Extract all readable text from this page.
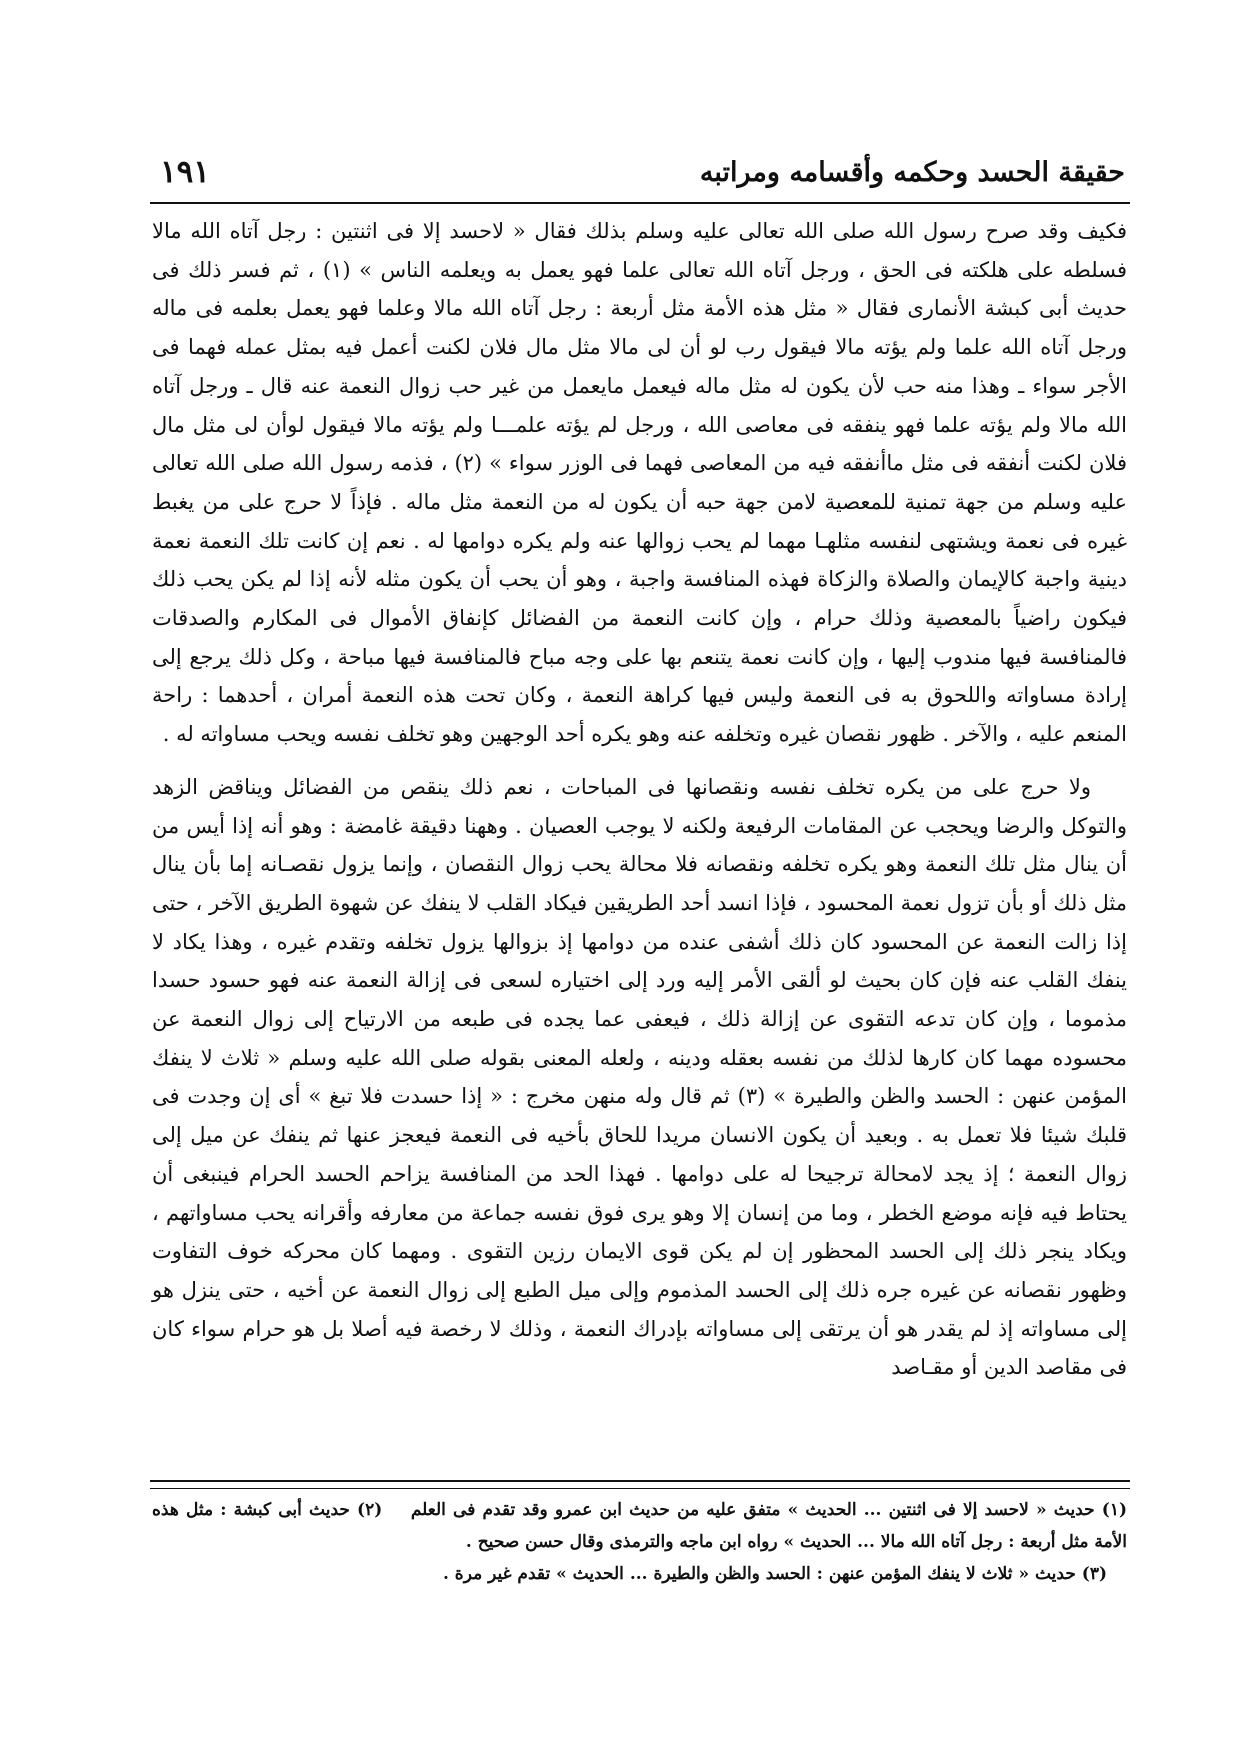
حقيقة الحسد وحكمه وأقسامه ومراتبه
١٩١

فكيف وقد صرح رسول الله صلى الله تعالى عليه وسلم بذلك فقال « لاحسد إلا فى اثنتين : رجل آتاه الله مالا فسلطه على هلكته فى الحق ، ورجل آتاه الله تعالى علما فهو يعمل به ويعلمه الناس » (١) ، ثم فسر ذلك فى حديث أبى كبشة الأنمارى فقال « مثل هذه الأمة مثل أربعة : رجل آتاه الله مالا وعلما فهو يعمل بعلمه فى ماله ورجل آتاه الله علما ولم يؤته مالا فيقول رب لو أن لى مالا مثل مال فلان لكنت أعمل فيه بمثل عمله فهما فى الأجر سواء ـ وهذا منه حب لأن يكون له مثل ماله فيعمل مايعمل من غير حب زوال النعمة عنه قال ـ ورجل آتاه الله مالا ولم يؤته علما فهو ينفقه فى معاصى الله ، ورجل لم يؤته علمـــا ولم يؤته مالا فيقول لوأن لى مثل مال فلان لكنت أنفقه فى مثل ماأنفقه فيه من المعاصى فهما فى الوزر سواء » (٢) ، فذمه رسول الله صلى الله تعالى عليه وسلم من جهة تمنية للمعصية لامن جهة حبه أن يكون له من النعمة مثل ماله . فإذاً لا حرج على من يغبط غيره فى نعمة ويشتهى لنفسه مثلهـا مهما لم يحب زوالها عنه ولم يكره دوامها له . نعم إن كانت تلك النعمة نعمة دينية واجبة كالإيمان والصلاة والزكاة فهذه المنافسة واجبة ، وهو أن يحب أن يكون مثله لأنه إذا لم يكن يحب ذلك فيكون راضياً بالمعصية وذلك حرام ، وإن كانت النعمة من الفضائل كإنفاق الأموال فى المكارم والصدقات فالمنافسة فيها مندوب إليها ، وإن كانت نعمة يتنعم بها على وجه مباح فالمنافسة فيها مباحة ، وكل ذلك يرجع إلى إرادة مساواته واللحوق به فى النعمة وليس فيها كراهة النعمة ، وكان تحت هذه النعمة أمران ، أحدهما : راحة المنعم عليه ، والآخر . ظهور نقصان غيره وتخلفه عنه وهو يكره أحد الوجهين وهو تخلف نفسه ويحب مساواته له .

ولا حرج على من يكره تخلف نفسه ونقصانها فى المباحات ، نعم ذلك ينقص من الفضائل ويناقض الزهد والتوكل والرضا ويحجب عن المقامات الرفيعة ولكنه لا يوجب العصيان . وههنا دقيقة غامضة : وهو أنه إذا أيس من أن ينال مثل تلك النعمة وهو يكره تخلفه ونقصانه فلا محالة يحب زوال النقصان ، وإنما يزول نقصـانه إما بأن ينال مثل ذلك أو بأن تزول نعمة المحسود ، فإذا انسد أحد الطريقين فيكاد القلب لا ينفك عن شهوة الطريق الآخر ، حتى إذا زالت النعمة عن المحسود كان ذلك أشفى عنده من دوامها إذ بزوالها يزول تخلفه وتقدم غيره ، وهذا يكاد لا ينفك القلب عنه فإن كان بحيث لو ألقى الأمر إليه ورد إلى اختياره لسعى فى إزالة النعمة عنه فهو حسود حسدا مذموما ، وإن كان تدعه التقوى عن إزالة ذلك ، فيعفى عما يجده فى طبعه من الارتياح إلى زوال النعمة عن محسوده مهما كان كارها لذلك من نفسه بعقله ودينه ، ولعله المعنى بقوله صلى الله عليه وسلم « ثلاث لا ينفك المؤمن عنهن : الحسد والظن والطيرة » (٣) ثم قال وله منهن مخرج : « إذا حسدت فلا تبغ » أى إن وجدت فى قلبك شيئا فلا تعمل به . وبعيد أن يكون الانسان مريدا للحاق بأخيه فى النعمة فيعجز عنها ثم ينفك عن ميل إلى زوال النعمة ؛ إذ يجد لامحالة ترجيحا له على دوامها . فهذا الحد من المنافسة يزاحم الحسد الحرام فينبغى أن يحتاط فيه فإنه موضع الخطر ، وما من إنسان إلا وهو يرى فوق نفسه جماعة من معارفه وأقرانه يحب مساواتهم ، ويكاد ينجر ذلك إلى الحسد المحظور إن لم يكن قوى الايمان رزين التقوى . ومهما كان محركه خوف التفاوت وظهور نقصانه عن غيره جره ذلك إلى الحسد المذموم وإلى ميل الطبع إلى زوال النعمة عن أخيه ، حتى ينزل هو إلى مساواته إذ لم يقدر هو أن يرتقى إلى مساواته بإدراك النعمة ، وذلك لا رخصة فيه أصلا بل هو حرام سواء كان فى مقاصد الدين أو مقـاصد

(١) حديث « لاحسد إلا فى اثنتين ... الحديث » متفق عليه من حديث ابن عمرو وقد تقدم فى العلم    (٢) حديث أبى كبشة : مثل هذه الأمة مثل أربعة : رجل آتاه الله مالا ... الحديث » رواه ابن ماجه والترمذى وقال حسن صحيح .

(٣) حديث « ثلاث لا ينفك المؤمن عنهن : الحسد والظن والطيرة ... الحديث » تقدم غير مرة .
